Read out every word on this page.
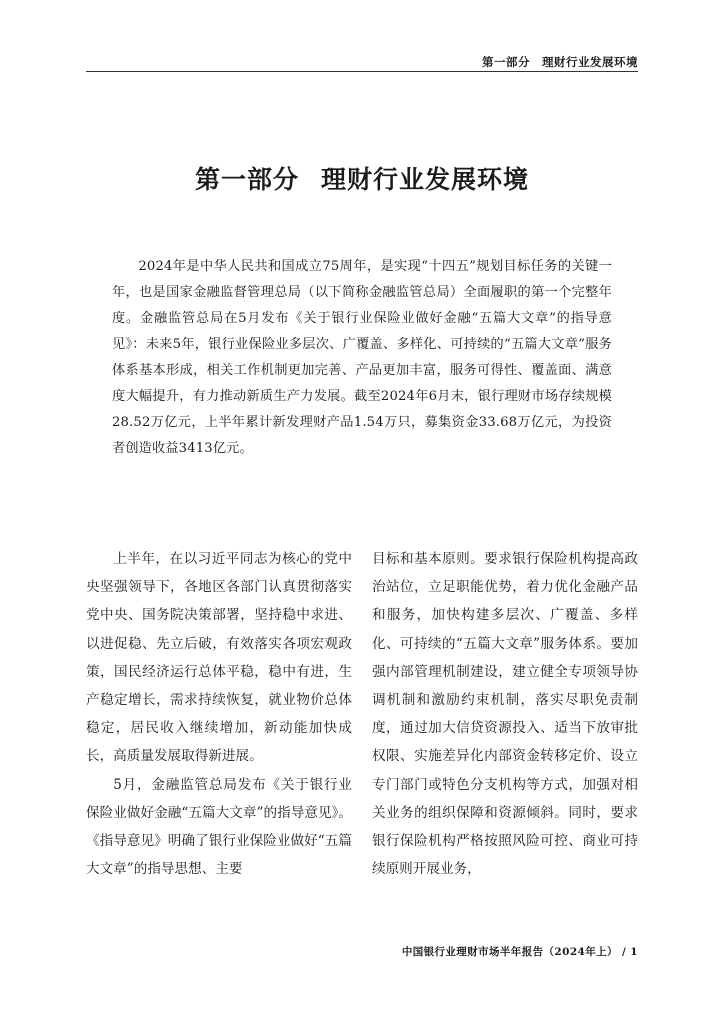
第一部分　理财行业发展环境
第一部分 理财行业发展环境

2024年是中华人民共和国成立75周年，是实现“十四五”规划目标任务的关键一年，也是国家金融监督管理总局（以下简称金融监管总局）全面履职的第一个完整年度。金融监管总局在5月发布《关于银行业保险业做好金融“五篇大文章”的指导意见》：未来5年，银行业保险业多层次、广覆盖、多样化、可持续的“五篇大文章”服务体系基本形成，相关工作机制更加完善、产品更加丰富，服务可得性、覆盖面、满意度大幅提升，有力推动新质生产力发展。截至2024年6月末，银行理财市场存续规模28.52万亿元，上半年累计新发理财产品1.54万只，募集资金33.68万亿元，为投资者创造收益3413亿元。

上半年，在以习近平同志为核心的党中央坚强领导下，各地区各部门认真贯彻落实党中央、国务院决策部署，坚持稳中求进、以进促稳、先立后破，有效落实各项宏观政策，国民经济运行总体平稳，稳中有进，生产稳定增长，需求持续恢复，就业物价总体稳定，居民收入继续增加，新动能加快成长，高质量发展取得新进展。

5月，金融监管总局发布《关于银行业保险业做好金融“五篇大文章”的指导意见》。《指导意见》明确了银行业保险业做好“五篇大文章”的指导思想、主要

目标和基本原则。要求银行保险机构提高政治站位，立足职能优势，着力优化金融产品和服务，加快构建多层次、广覆盖、多样化、可持续的“五篇大文章”服务体系。要加强内部管理机制建设，建立健全专项领导协调机制和激励约束机制，落实尽职免责制度，通过加大信贷资源投入、适当下放审批权限、实施差异化内部资金转移定价、设立专门部门或特色分支机构等方式，加强对相关业务的组织保障和资源倾斜。同时，要求银行保险机构严格按照风险可控、商业可持续原则开展业务，

中国银行业理财市场半年报告（2024年上） / 1
